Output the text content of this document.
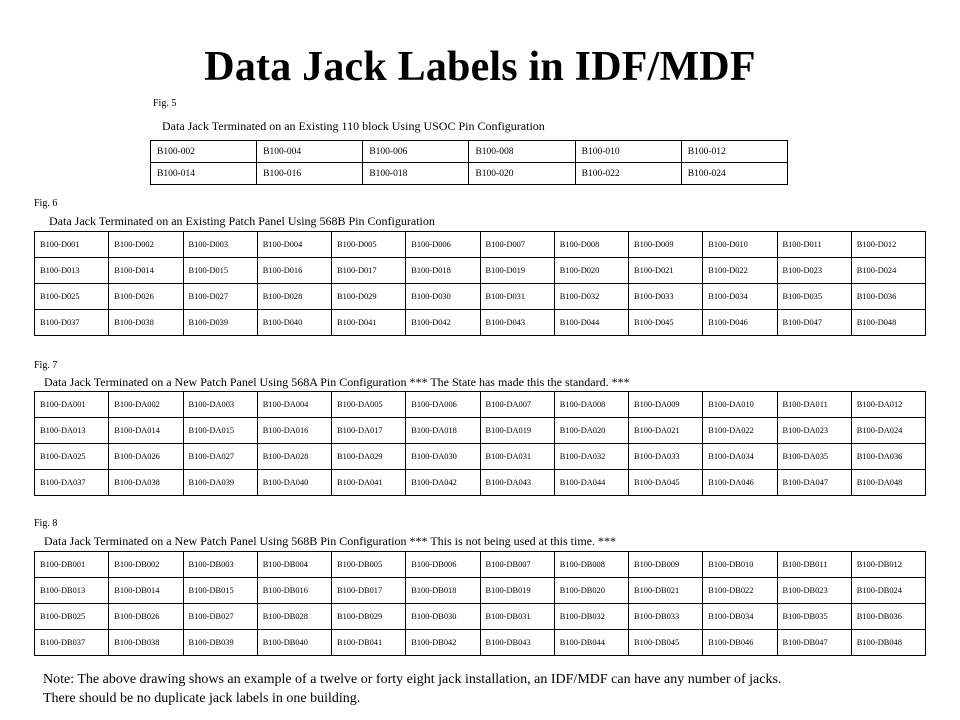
Data Jack Labels in IDF/MDF
Fig. 5
Data Jack Terminated on an Existing 110 block Using USOC Pin Configuration
B100-002	B100-004	B100-006	B100-008	B100-010	B100-012
B100-014	B100-016	B100-018	B100-020	B100-022	B100-024
Fig. 6
Data Jack Terminated on an Existing Patch Panel Using 568B Pin Configuration
B100-D001	B100-D002	B100-D003	B100-D004	B100-D005	B100-D006	B100-D007	B100-D008	B100-D009	B100-D010	B100-D011	B100-D012
B100-D013	B100-D014	B100-D015	B100-D016	B100-D017	B100-D018	B100-D019	B100-D020	B100-D021	B100-D022	B100-D023	B100-D024
B100-D025	B100-D026	B100-D027	B100-D028	B100-D029	B100-D030	B100-D031	B100-D032	B100-D033	B100-D034	B100-D035	B100-D036
B100-D037	B100-D038	B100-D039	B100-D040	B100-D041	B100-D042	B100-D043	B100-D044	B100-D045	B100-D046	B100-D047	B100-D048
Fig. 7
Data Jack Terminated on a New Patch Panel Using 568A Pin Configuration *** The State has made this the standard. ***
B100-DA001	B100-DA002	B100-DA003	B100-DA004	B100-DA005	B100-DA006	B100-DA007	B100-DA008	B100-DA009	B100-DA010	B100-DA011	B100-DA012
B100-DA013	B100-DA014	B100-DA015	B100-DA016	B100-DA017	B100-DA018	B100-DA019	B100-DA020	B100-DA021	B100-DA022	B100-DA023	B100-DA024
B100-DA025	B100-DA026	B100-DA027	B100-DA028	B100-DA029	B100-DA030	B100-DA031	B100-DA032	B100-DA033	B100-DA034	B100-DA035	B100-DA036
B100-DA037	B100-DA038	B100-DA039	B100-DA040	B100-DA041	B100-DA042	B100-DA043	B100-DA044	B100-DA045	B100-DA046	B100-DA047	B100-DA048
Fig. 8
Data Jack Terminated on a New Patch Panel Using 568B Pin Configuration *** This is not being used at this time. ***
B100-DB001	B100-DB002	B100-DB003	B100-DB004	B100-DB005	B100-DB006	B100-DB007	B100-DB008	B100-DB009	B100-DB010	B100-DB011	B100-DB012
B100-DB013	B100-DB014	B100-DB015	B100-DB016	B100-DB017	B100-DB018	B100-DB019	B100-DB020	B100-DB021	B100-DB022	B100-DB023	B100-DB024
B100-DB025	B100-DB026	B100-DB027	B100-DB028	B100-DB029	B100-DB030	B100-DB031	B100-DB032	B100-DB033	B100-DB034	B100-DB035	B100-DB036
B100-DB037	B100-DB038	B100-DB039	B100-DB040	B100-DB041	B100-DB042	B100-DB043	B100-DB044	B100-DB045	B100-DB046	B100-DB047	B100-DB048
Note: The above drawing shows an example of a twelve or forty eight jack installation, an IDF/MDF can have any number of jacks.
There should be no duplicate jack labels in one building.
